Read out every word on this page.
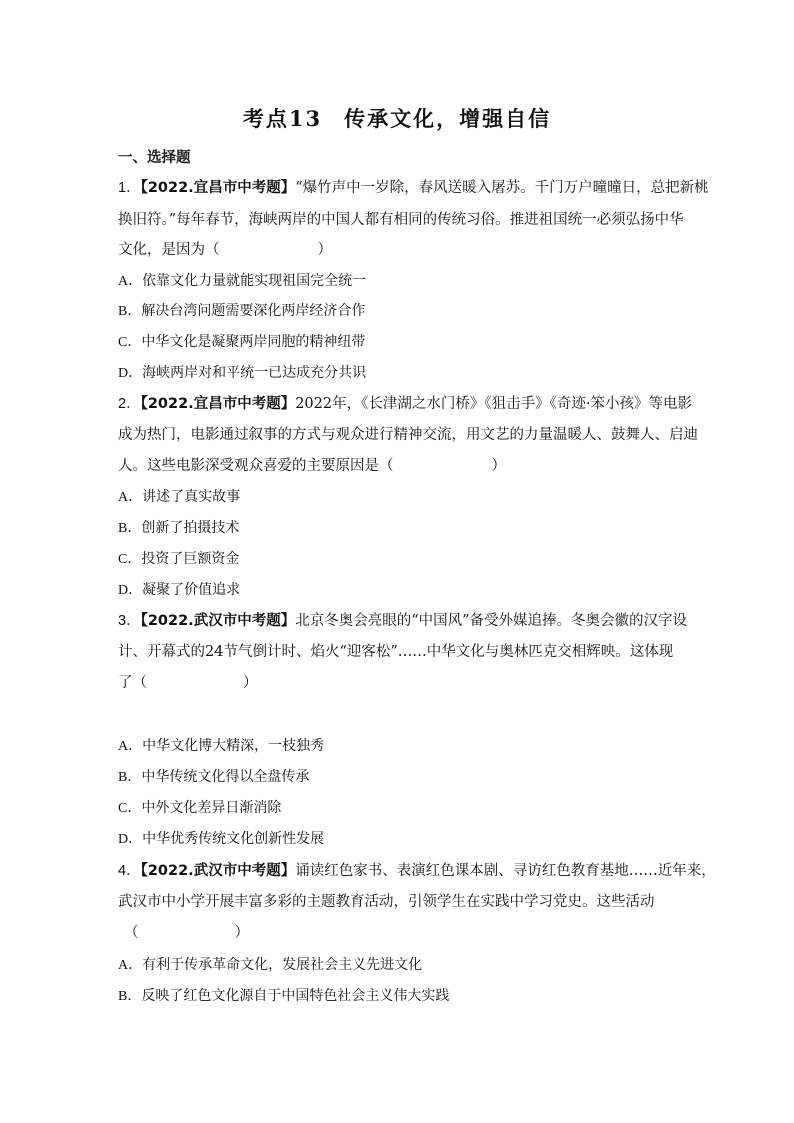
考点13 传承文化，增强自信
一、选择题
1．【2022.宜昌市中考题】“爆竹声中一岁除，春风送暖入屠苏。千门万户曈曈日，总把新桃
换旧符。”每年春节，海峡两岸的中国人都有相同的传统习俗。推进祖国统一必须弘扬中华
文化，是因为（	）
A．依靠文化力量就能实现祖国完全统一
B．解决台湾问题需要深化两岸经济合作
C．中华文化是凝聚两岸同胞的精神纽带
D．海峡两岸对和平统一已达成充分共识
2．【2022.宜昌市中考题】2022年，《长津湖之水门桥》《狙击手》《奇迹·笨小孩》等电影
成为热门，电影通过叙事的方式与观众进行精神交流，用文艺的力量温暖人、鼓舞人、启迪
人。这些电影深受观众喜爱的主要原因是（	）
A．讲述了真实故事
B．创新了拍摄技术
C．投资了巨额资金
D．凝聚了价值追求
3．【2022.武汉市中考题】北京冬奥会亮眼的“中国风”备受外媒追捧。冬奥会徽的汉字设
计、开幕式的24节气倒计时、焰火“迎客松”……中华文化与奥林匹克交相辉映。这体现
了（	）
A．中华文化博大精深，一枝独秀
B．中华传统文化得以全盘传承
C．中外文化差异日渐消除
D．中华优秀传统文化创新性发展
4．【2022.武汉市中考题】诵读红色家书、表演红色课本剧、寻访红色教育基地……近年来，
武汉市中小学开展丰富多彩的主题教育活动，引领学生在实践中学习党史。这些活动
（	）
A．有利于传承革命文化，发展社会主义先进文化
B．反映了红色文化源自于中国特色社会主义伟大实践
